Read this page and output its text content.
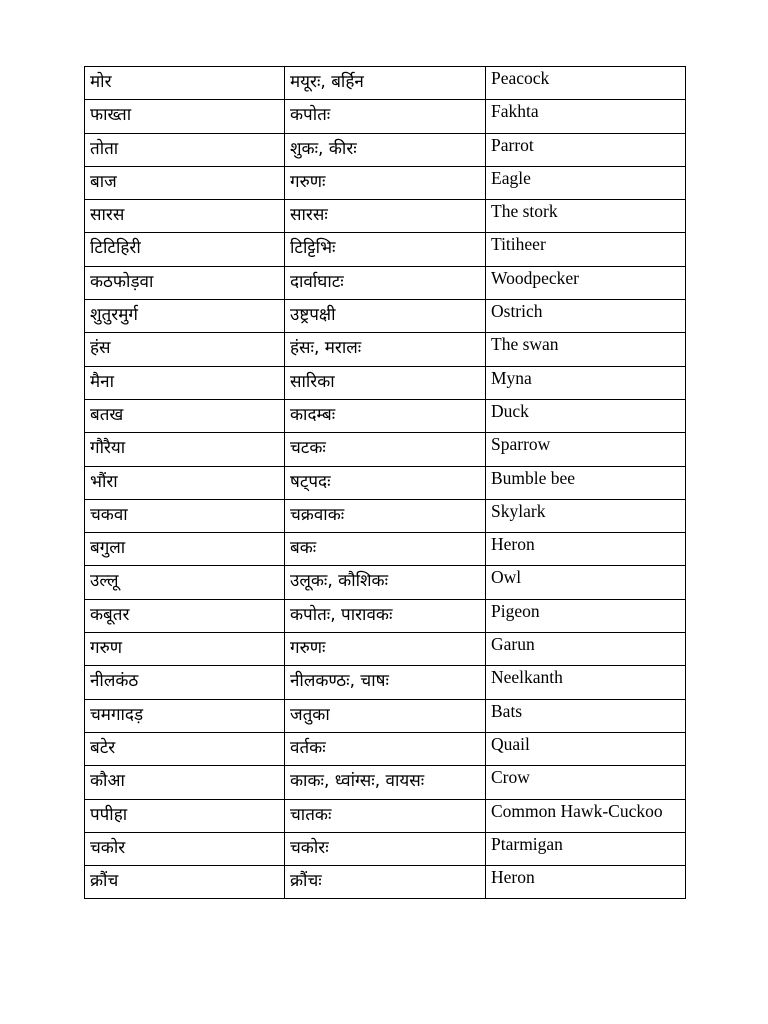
मोर	मयूरः, बर्हिन	Peacock
फाख्ता	कपोतः	Fakhta
तोता	शुकः, कीरः	Parrot
बाज	गरुणः	Eagle
सारस	सारसः	The stork
टिटिहिरी	टिट्टिभिः	Titiheer
कठफोड़वा	दार्वाघाटः	Woodpecker
शुतुरमुर्ग	उष्ट्रपक्षी	Ostrich
हंस	हंसः, मरालः	The swan
मैना	सारिका	Myna
बतख	कादम्बः	Duck
गौरैया	चटकः	Sparrow
भौंरा	षट्पदः	Bumble bee
चकवा	चक्रवाकः	Skylark
बगुला	बकः	Heron
उल्लू	उलूकः, कौशिकः	Owl
कबूतर	कपाेतः, पारावकः	Pigeon
गरुण	गरुणः	Garun
नीलकंठ	नीलकण्ठः, चाषः	Neelkanth
चमगादड़	जतुका	Bats
बटेर	वर्तकः	Quail
कौआ	काकः, ध्वांग्सः, वायसः	Crow
पपीहा	चातकः	Common Hawk-Cuckoo
चकोर	चकोरः	Ptarmigan
क्रौंच	क्रौंचः	Heron
